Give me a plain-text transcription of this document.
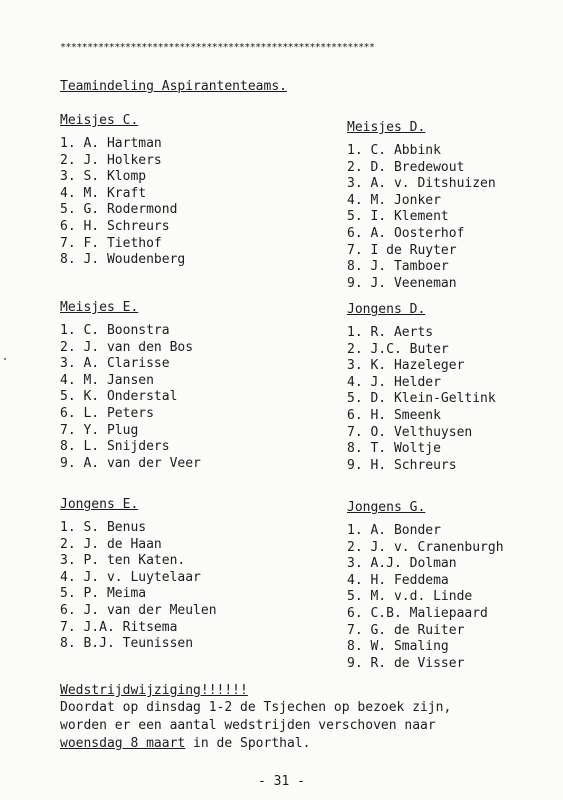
**********************************************************
Teamindeling Aspirantenteams.
Meisjes C.
1. A. Hartman
2. J. Holkers
3. S. Klomp
4. M. Kraft
5. G. Rodermond
6. H. Schreurs
7. F. Tiethof
8. J. Woudenberg
Meisjes E.
1. C. Boonstra
2. J. van den Bos
3. A. Clarisse
4. M. Jansen
5. K. Onderstal
6. L. Peters
7. Y. Plug
8. L. Snijders
9. A. van der Veer
Jongens E.
1. S. Benus
2. J. de Haan
3. P. ten Katen.
4. J. v. Luytelaar
5. P. Meima
6. J. van der Meulen
7. J.A. Ritsema
8. B.J. Teunissen
Meisjes D.
1. C. Abbink
2. D. Bredewout
3. A. v. Ditshuizen
4. M. Jonker
5. I. Klement
6. A. Oosterhof
7. I de Ruyter
8. J. Tamboer
9. J. Veeneman
Jongens D.
1. R. Aerts
2. J.C. Buter
3. K. Hazeleger
4. J. Helder
5. D. Klein-Geltink
6. H. Smeenk
7. O. Velthuysen
8. T. Woltje
9. H. Schreurs
Jongens G.
1. A. Bonder
2. J. v. Cranenburgh
3. A.J. Dolman
4. H. Feddema
5. M. v.d. Linde
6. C.B. Maliepaard
7. G. de Ruiter
8. W. Smaling
9. R. de Visser
Wedstrijdwijziging!!!!!!

Doordat op dinsdag 1-2 de Tsjechen op bezoek zijn,

worden er een aantal wedstrijden verschoven naar

woensdag 8 maart in de Sporthal.

- 31 -
